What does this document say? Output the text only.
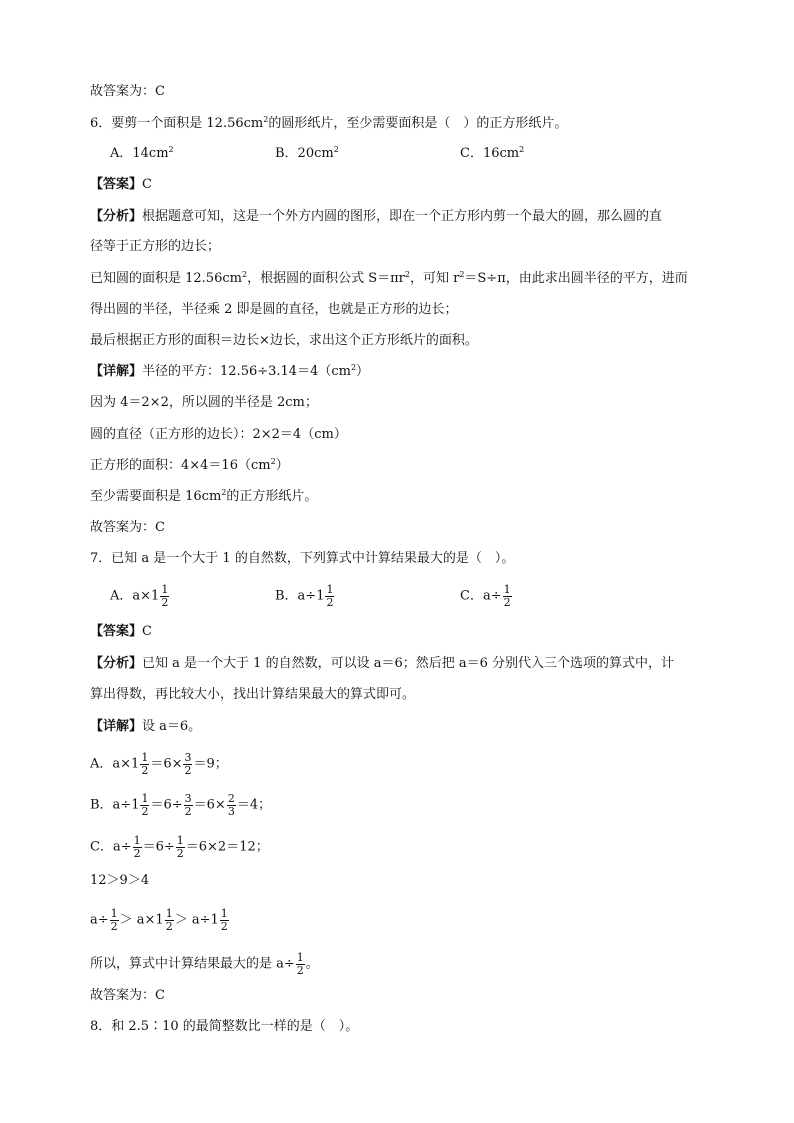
故答案为：C
6．要剪一个面积是 $12.56cm^2$的圆形纸片，至少需要面积是（　）的正方形纸片。
A．$14cm^2$	B．$20cm^2$	C．$16cm^2$
【答案】C
【分析】根据题意可知，这是一个外方内圆的图形，即在一个正方形内剪一个最大的圆，那么圆的直
径等于正方形的边长；
已知圆的面积是 $12.56cm^2$，根据圆的面积公式 $S=\pi r^2$，可知 $r^2=S\div\pi$，由此求出圆半径的平方，进而
得出圆的半径，半径乘 2 即是圆的直径，也就是正方形的边长；
最后根据正方形的面积＝边长×边长，求出这个正方形纸片的面积。
【详解】半径的平方：$12.56\div 3.14=4(cm^2)$
因为 4＝2×2，所以圆的半径是 2cm；
圆的直径（正方形的边长）：2×2＝4（cm）
正方形的面积：$4\times 4=16(cm^2)$
至少需要面积是 $16cm^2$的正方形纸片。
故答案为：C
7．已知 a 是一个大于 1 的自然数，下列算式中计算结果最大的是（　）。
A．$a\times 1 \frac{1}{2}$	B．$a\div 1 \frac{1}{2}$	C．$a\div \frac{1}{2}$
【答案】C
【分析】已知 a 是一个大于 1 的自然数，可以设 a＝6；然后把 a＝6 分别代入三个选项的算式中，计
算出得数，再比较大小，找出计算结果最大的算式即可。
【详解】设 a＝6。
A．$a\times 1 \frac{1}{2} =6\times \frac{3}{2} =9$；
B．$a\div 1 \frac{1}{2} =6\div \frac{3}{2} =6\times \frac{2}{3} =4$；
C．$a\div \frac{1}{2} =6\div \frac{1}{2} =6\times 2=12$；
12＞9＞4
$a\div \frac{1}{2} > a\times 1 \frac{1}{2} > a\div 1 \frac{1}{2}$
所以，算式中计算结果最大的是 $a\div \frac{1}{2}$ 。
故答案为：C
8．和 2.5∶10 的最简整数比一样的是（　）。
